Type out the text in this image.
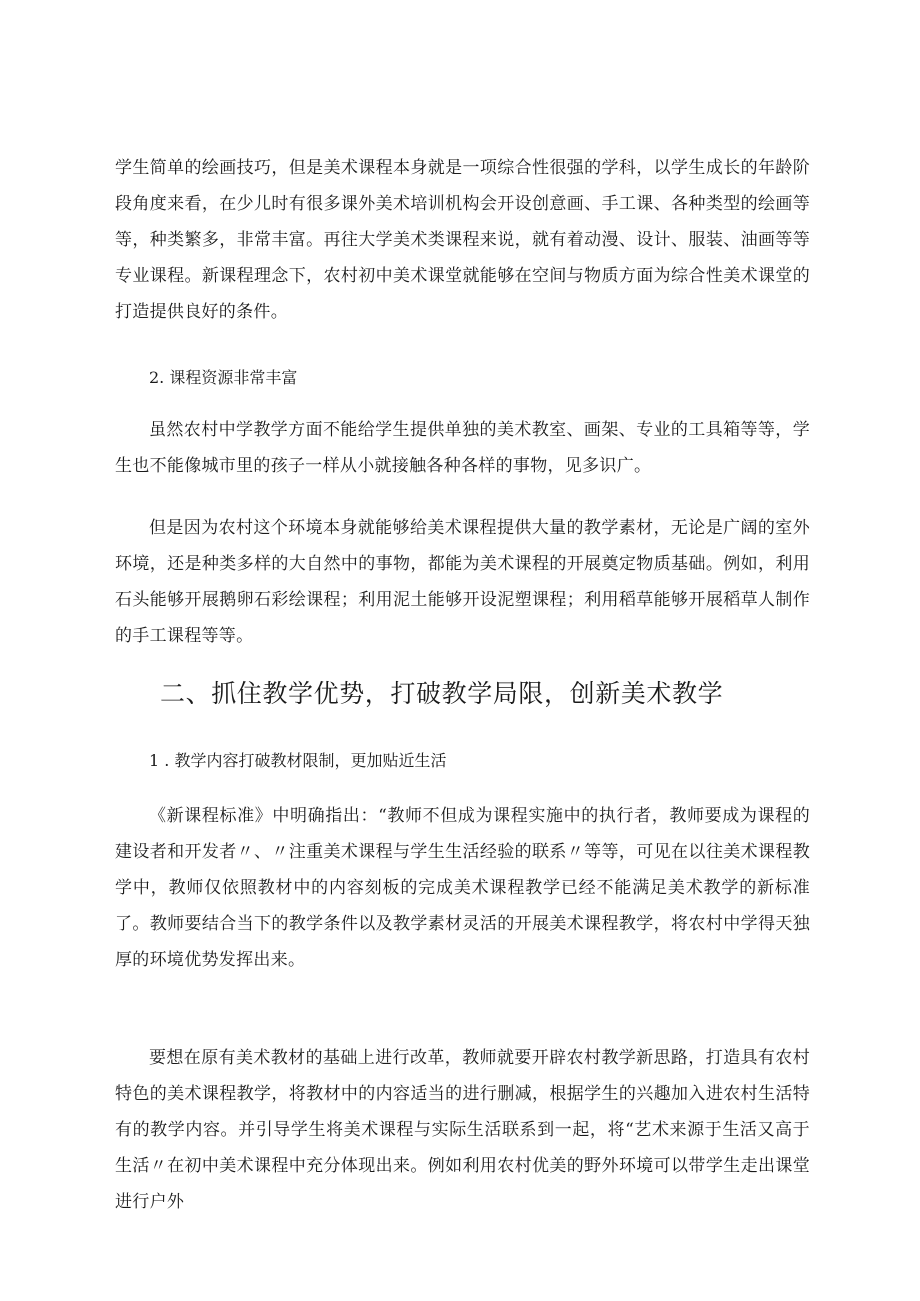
学生简单的绘画技巧，但是美术课程本身就是一项综合性很强的学科，以学生成长的年龄阶段角度来看，在少儿时有很多课外美术培训机构会开设创意画、手工课、各种类型的绘画等等，种类繁多，非常丰富。再往大学美术类课程来说，就有着动漫、设计、服装、油画等等专业课程。新课程理念下，农村初中美术课堂就能够在空间与物质方面为综合性美术课堂的打造提供良好的条件。

2. 课程资源非常丰富

虽然农村中学教学方面不能给学生提供单独的美术教室、画架、专业的工具箱等等，学生也不能像城市里的孩子一样从小就接触各种各样的事物，见多识广。

但是因为农村这个环境本身就能够给美术课程提供大量的教学素材，无论是广阔的室外环境，还是种类多样的大自然中的事物，都能为美术课程的开展奠定物质基础。例如，利用石头能够开展鹅卵石彩绘课程；利用泥土能够开设泥塑课程；利用稻草能够开展稻草人制作的手工课程等等。

二、抓住教学优势，打破教学局限，创新美术教学
1 . 教学内容打破教材限制，更加贴近生活

《新课程标准》中明确指出：“教师不但成为课程实施中的执行者，教师要成为课程的建设者和开发者〃、〃注重美术课程与学生生活经验的联系〃等等，可见在以往美术课程教学中，教师仅依照教材中的内容刻板的完成美术课程教学已经不能满足美术教学的新标准了。教师要结合当下的教学条件以及教学素材灵活的开展美术课程教学，将农村中学得天独厚的环境优势发挥出来。

要想在原有美术教材的基础上进行改革，教师就要开辟农村教学新思路，打造具有农村特色的美术课程教学，将教材中的内容适当的进行删减，根据学生的兴趣加入进农村生活特有的教学内容。并引导学生将美术课程与实际生活联系到一起，将“艺术来源于生活又高于生活〃在初中美术课程中充分体现出来。例如利用农村优美的野外环境可以带学生走出课堂进行户外
